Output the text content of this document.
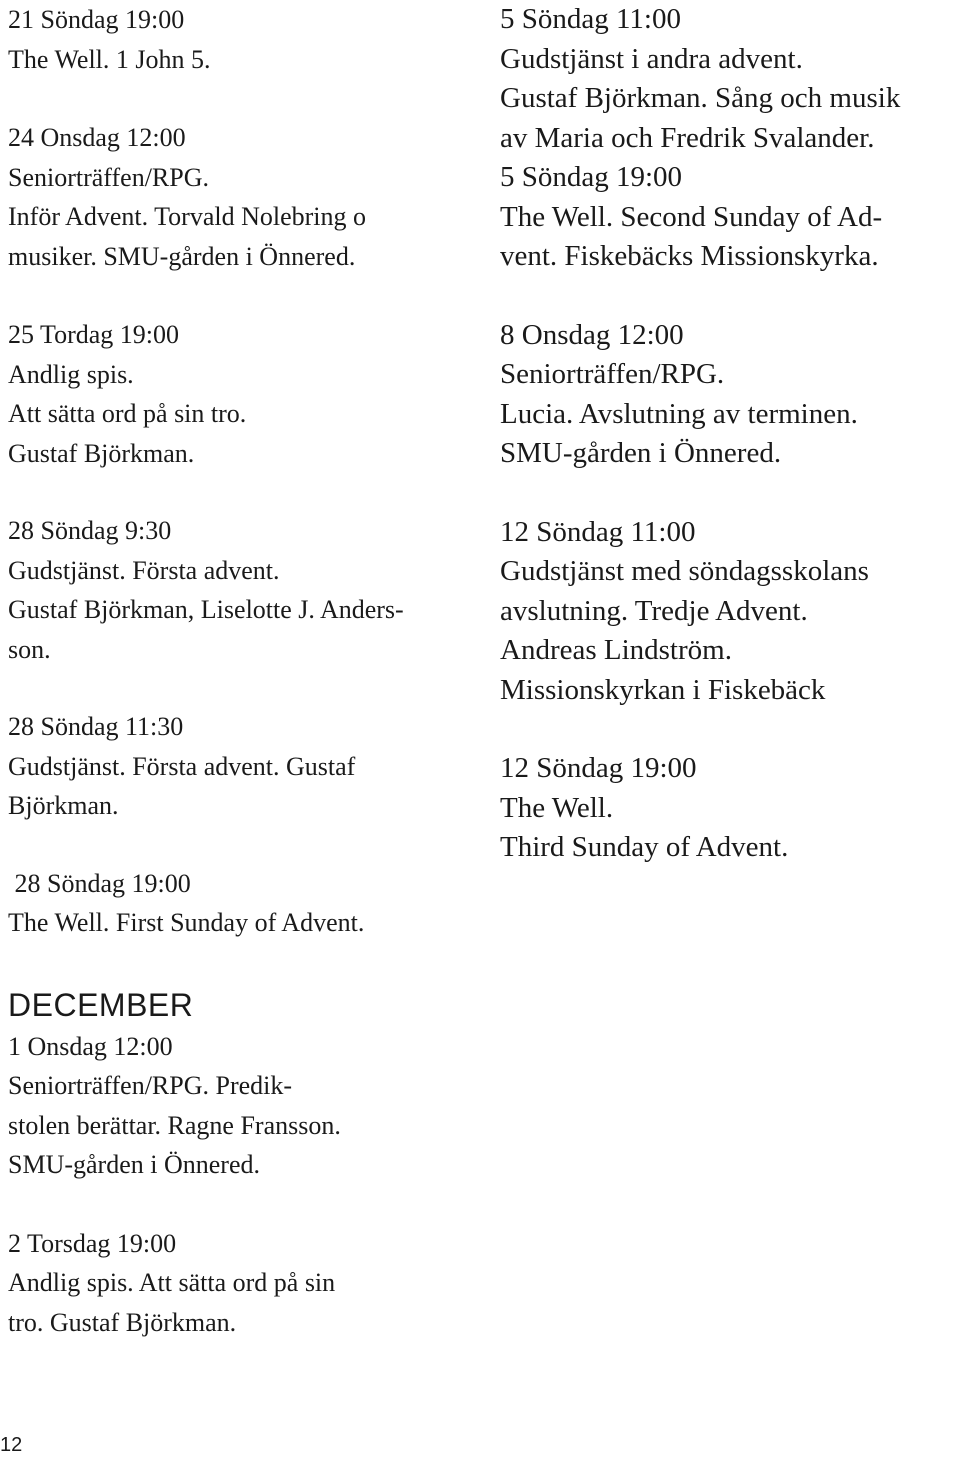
21 Söndag 19:00
The Well. 1 John 5.
24 Onsdag 12:00
Seniorträffen/RPG.
Inför Advent. Torvald Nolebring o
musiker. SMU-gården i Önnered.
25 Tordag 19:00
Andlig spis.
Att sätta ord på sin tro.
Gustaf Björkman.
28 Söndag 9:30
Gudstjänst. Första advent.
Gustaf Björkman, Liselotte J. Anders-
son.
28 Söndag 11:30
Gudstjänst. Första advent. Gustaf
Björkman.
28 Söndag 19:00
The Well. First Sunday of Advent.
DECEMBER
1 Onsdag 12:00
Seniorträffen/RPG. Predik-
stolen berättar. Ragne Fransson.
SMU-gården i Önnered.
2 Torsdag 19:00
Andlig spis. Att sätta ord på sin
tro. Gustaf Björkman.
5 Söndag 11:00
Gudstjänst i andra advent.
Gustaf Björkman. Sång och musik
av Maria och Fredrik Svalander.
5 Söndag 19:00
The Well. Second Sunday of Ad-
vent. Fiskebäcks Missionskyrka.
8 Onsdag 12:00
Seniorträffen/RPG.
Lucia. Avslutning av terminen.
SMU-gården i Önnered.
12 Söndag 11:00
Gudstjänst med söndagsskolans
avslutning. Tredje Advent.
Andreas Lindström.
Missionskyrkan i Fiskebäck
12 Söndag 19:00
The Well.
Third Sunday of Advent.
12
